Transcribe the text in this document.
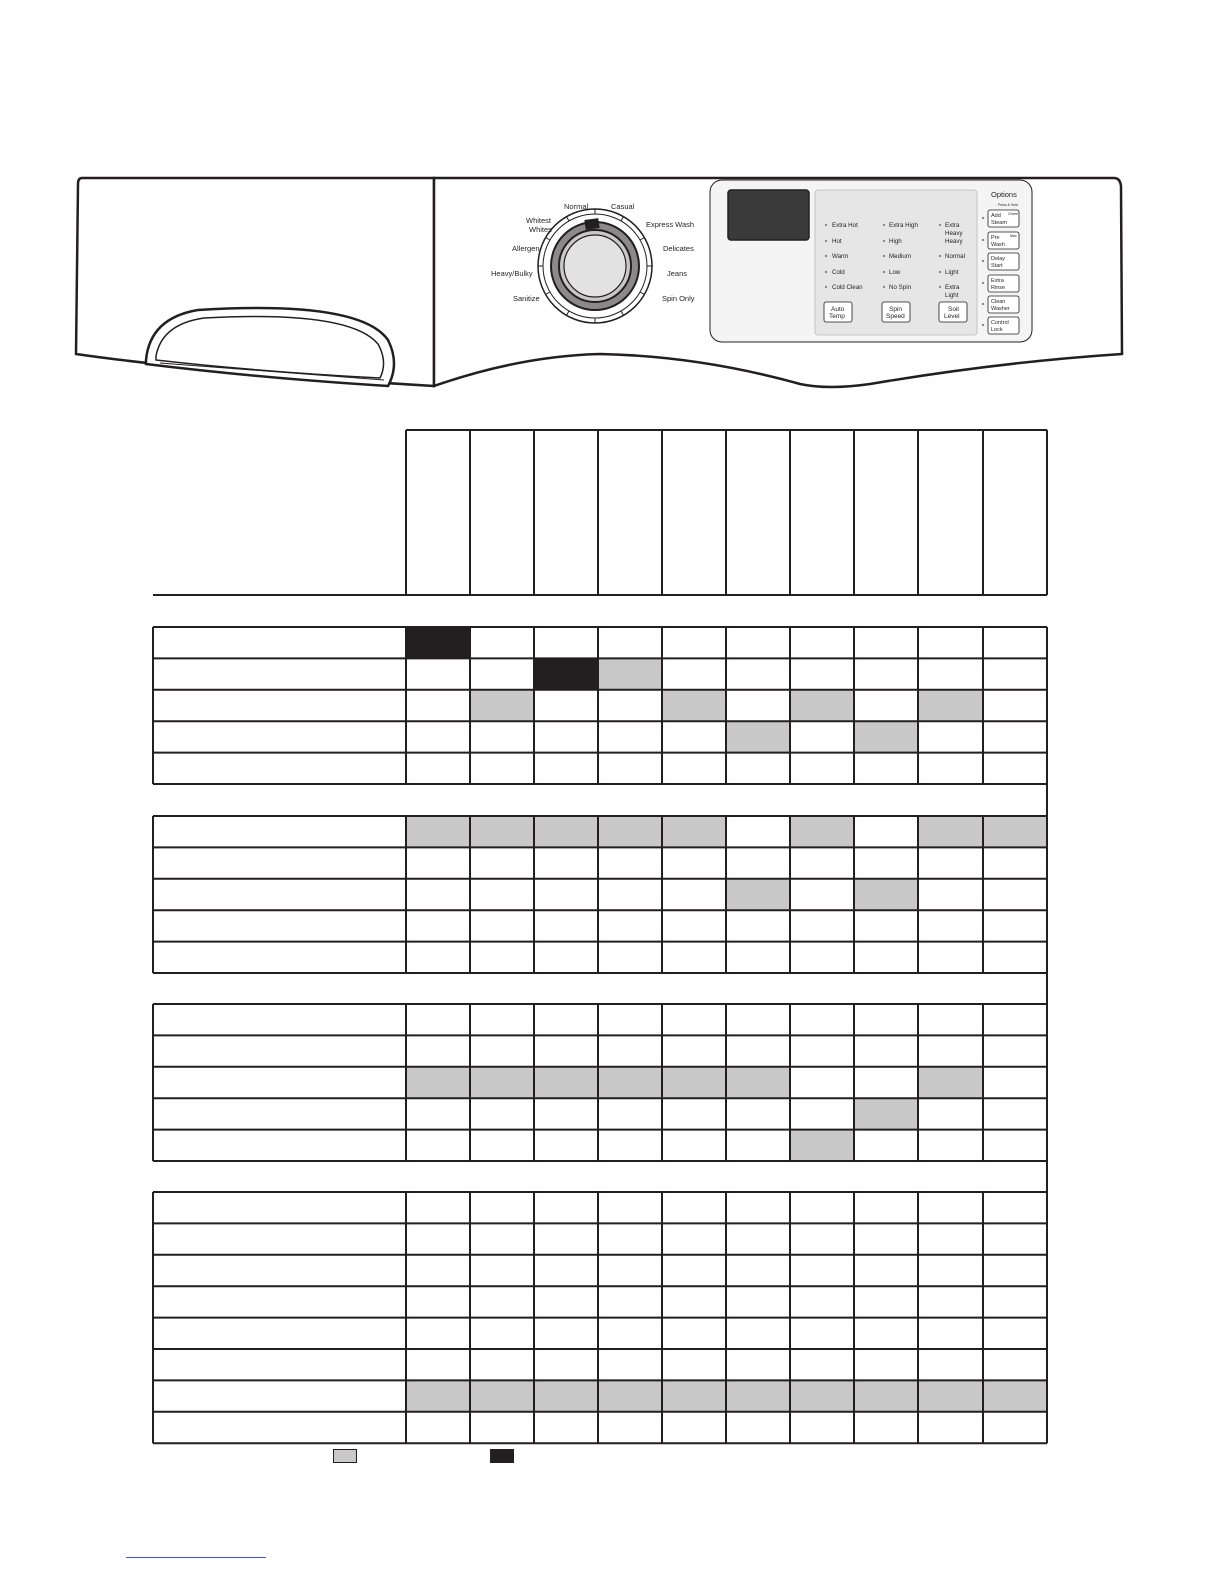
Normal	Casual
Whitest
Whites
Express Wash
Allergen	Delicates
Heavy/Bulky	Jeans
Sanitize	Spin Only
Extra Hot
Hot
Warm
Cold
Cold Clean
Extra High
High
Medium
Low
No Spin
Extra
Heavy
Heavy
Normal
Light
Extra
Light
Auto
Temp
Spin
Speed
Soil
Level
Options
Press & Hold
Add
Steam
Chime
Pre
Wash
Max
Delay
Start
Extra
Rinse
Clean
Washer
Control
Lock
